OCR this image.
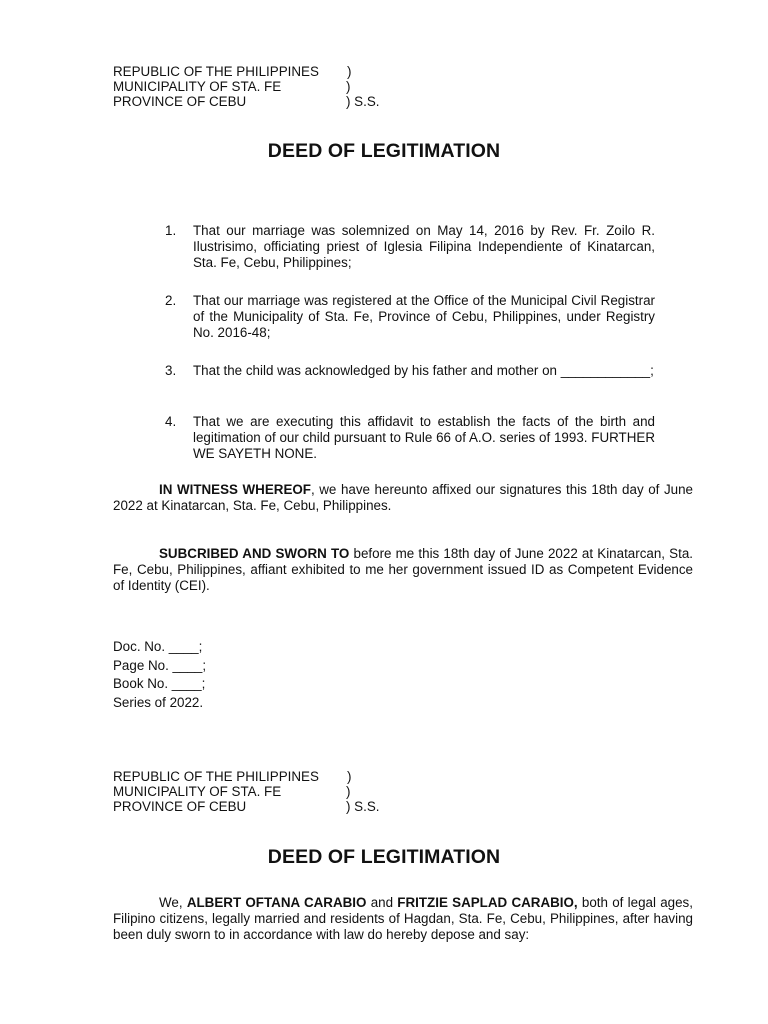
REPUBLIC OF THE PHILIPPINES )
MUNICIPALITY OF STA. FE	)
PROVINCE OF CEBU	) S.S.
DEED OF LEGITIMATION
1. That our marriage was solemnized on May 14, 2016 by Rev. Fr. Zoilo R. Ilustrisimo, officiating priest of Iglesia Filipina Independiente of Kinatarcan, Sta. Fe, Cebu, Philippines;
2. That our marriage was registered at the Office of the Municipal Civil Registrar of the Municipality of Sta. Fe, Province of Cebu, Philippines, under Registry No. 2016-48;
3. That the child was acknowledged by his father and mother on ____________;
4. That we are executing this affidavit to establish the facts of the birth and legitimation of our child pursuant to Rule 66 of A.O. series of 1993. FURTHER WE SAYETH NONE.
IN WITNESS WHEREOF, we have hereunto affixed our signatures this 18th day of June 2022 at Kinatarcan, Sta. Fe, Cebu, Philippines.
SUBCRIBED AND SWORN TO before me this 18th day of June 2022 at Kinatarcan, Sta. Fe, Cebu, Philippines, affiant exhibited to me her government issued ID as Competent Evidence of Identity (CEI).
Doc. No. ____;
Page No. ____;
Book No. ____;
Series of 2022.
REPUBLIC OF THE PHILIPPINES )
MUNICIPALITY OF STA. FE	)
PROVINCE OF CEBU	) S.S.
DEED OF LEGITIMATION
We, ALBERT OFTANA CARABIO and FRITZIE SAPLAD CARABIO, both of legal ages, Filipino citizens, legally married and residents of Hagdan, Sta. Fe, Cebu, Philippines, after having been duly sworn to in accordance with law do hereby depose and say:
